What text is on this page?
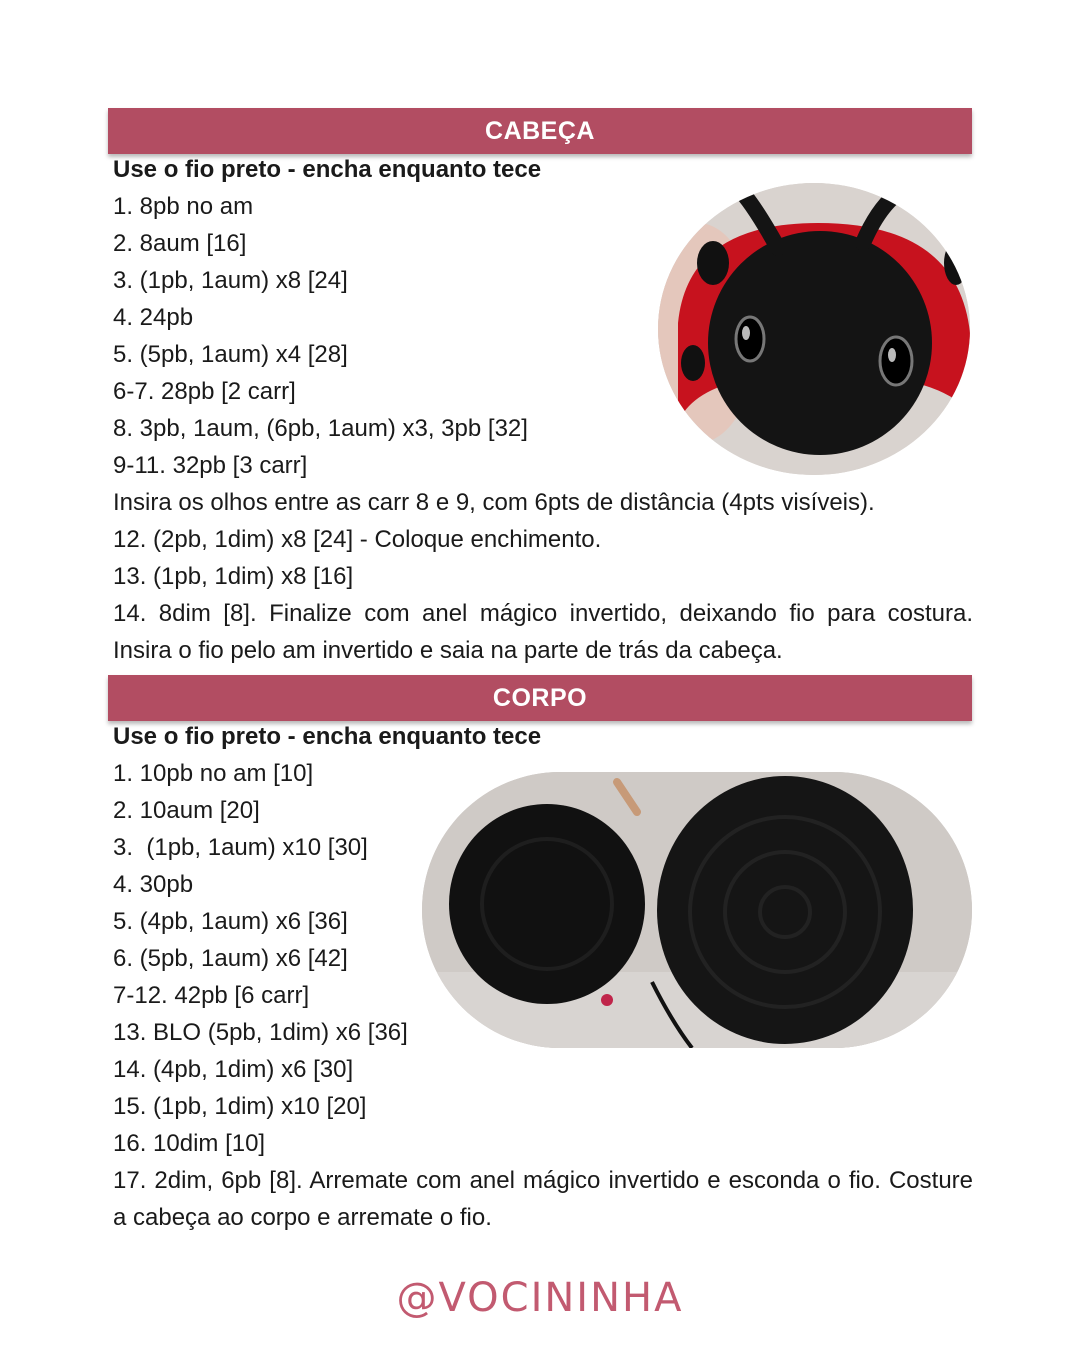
CABEÇA
Use o fio preto - encha enquanto tece
1. 8pb no am
2. 8aum [16]
3. (1pb, 1aum) x8 [24]
4. 24pb
5. (5pb, 1aum) x4 [28]
6-7. 28pb [2 carr]
8. 3pb, 1aum, (6pb, 1aum) x3, 3pb [32]
9-11. 32pb [3 carr]
Insira os olhos entre as carr 8 e 9, com 6pts de distância (4pts visíveis).
12. (2pb, 1dim) x8 [24] - Coloque enchimento.
13. (1pb, 1dim) x8 [16]
14. 8dim [8]. Finalize com anel mágico invertido, deixando fio para costura. Insira o fio pelo am invertido e saia na parte de trás da cabeça.
CORPO
Use o fio preto - encha enquanto tece
1. 10pb no am [10]
2. 10aum [20]
3.  (1pb, 1aum) x10 [30]
4. 30pb
5. (4pb, 1aum) x6 [36]
6. (5pb, 1aum) x6 [42]
7-12. 42pb [6 carr]
13. BLO (5pb, 1dim) x6 [36]
14. (4pb, 1dim) x6 [30]
15. (1pb, 1dim) x10 [20]
16. 10dim [10]
17. 2dim, 6pb [8]. Arremate com anel mágico invertido e esconda o fio. Costure a cabeça ao corpo e arremate o fio.
@VOCININHA
